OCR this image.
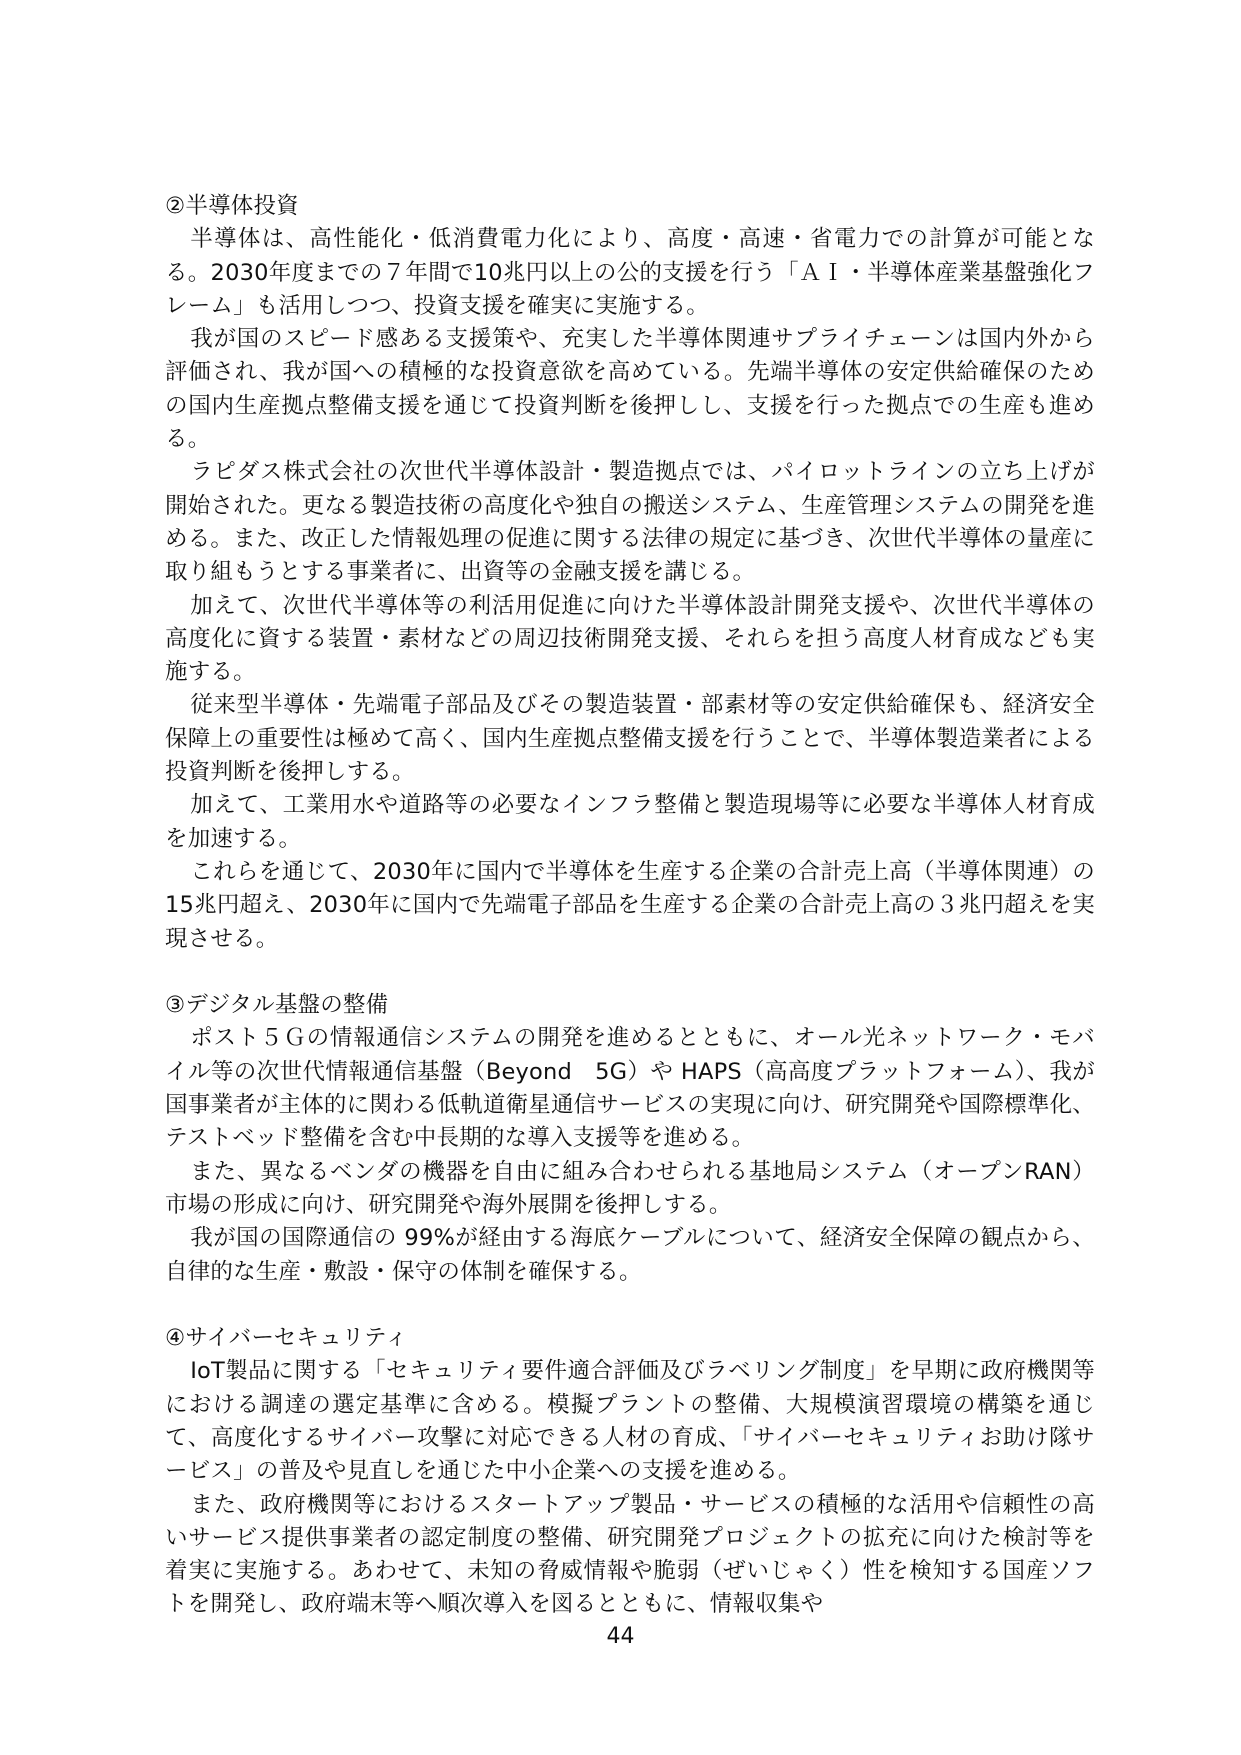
②半導体投資

半導体は、高性能化・低消費電力化により、高度・高速・省電力での計算が可能となる。2030年度までの７年間で10兆円以上の公的支援を行う「ＡＩ・半導体産業基盤強化フレーム」も活用しつつ、投資支援を確実に実施する。

我が国のスピード感ある支援策や、充実した半導体関連サプライチェーンは国内外から評価され、我が国への積極的な投資意欲を高めている。先端半導体の安定供給確保のための国内生産拠点整備支援を通じて投資判断を後押しし、支援を行った拠点での生産も進める。

ラピダス株式会社の次世代半導体設計・製造拠点では、パイロットラインの立ち上げが開始された。更なる製造技術の高度化や独自の搬送システム、生産管理システムの開発を進める。また、改正した情報処理の促進に関する法律の規定に基づき、次世代半導体の量産に取り組もうとする事業者に、出資等の金融支援を講じる。

加えて、次世代半導体等の利活用促進に向けた半導体設計開発支援や、次世代半導体の高度化に資する装置・素材などの周辺技術開発支援、それらを担う高度人材育成なども実施する。

従来型半導体・先端電子部品及びその製造装置・部素材等の安定供給確保も、経済安全保障上の重要性は極めて高く、国内生産拠点整備支援を行うことで、半導体製造業者による投資判断を後押しする。

加えて、工業用水や道路等の必要なインフラ整備と製造現場等に必要な半導体人材育成を加速する。

これらを通じて、2030年に国内で半導体を生産する企業の合計売上高（半導体関連）の15兆円超え、2030年に国内で先端電子部品を生産する企業の合計売上高の３兆円超えを実現させる。

③デジタル基盤の整備

ポスト５Ｇの情報通信システムの開発を進めるとともに、オール光ネットワーク・モバイル等の次世代情報通信基盤（Beyond　5G）や HAPS（高高度プラットフォーム）、我が国事業者が主体的に関わる低軌道衛星通信サービスの実現に向け、研究開発や国際標準化、テストベッド整備を含む中長期的な導入支援等を進める。

また、異なるベンダの機器を自由に組み合わせられる基地局システム（オープンRAN）市場の形成に向け、研究開発や海外展開を後押しする。

我が国の国際通信の 99%が経由する海底ケーブルについて、経済安全保障の観点から、自律的な生産・敷設・保守の体制を確保する。

④サイバーセキュリティ

IoT製品に関する「セキュリティ要件適合評価及びラベリング制度」を早期に政府機関等における調達の選定基準に含める。模擬プラントの整備、大規模演習環境の構築を通じて、高度化するサイバー攻撃に対応できる人材の育成、「サイバーセキュリティお助け隊サービス」の普及や見直しを通じた中小企業への支援を進める。

また、政府機関等におけるスタートアップ製品・サービスの積極的な活用や信頼性の高いサービス提供事業者の認定制度の整備、研究開発プロジェクトの拡充に向けた検討等を着実に実施する。あわせて、未知の脅威情報や脆弱（ぜいじゃく）性を検知する国産ソフトを開発し、政府端末等へ順次導入を図るとともに、情報収集や

44
